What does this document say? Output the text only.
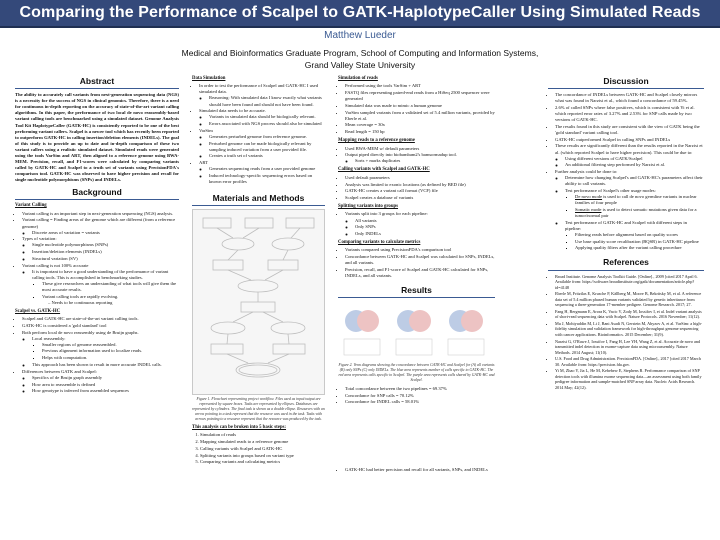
Comparing the Performance of Scalpel to GATK-HaplotypeCaller Using Simulated Reads
Matthew Lueder
Medical and Bioinformatics Graduate Program, School of Computing and Information Systems,
Grand Valley State University
Abstract

The ability to accurately call variants from next-generation sequencing data (NGS) is a necessity for the success of NGS in clinical genomics. Therefore, there is a need for continuous in-depth reporting on the accuracy of state-of-the-art variant calling algorithms. In this paper, the performance of two local de novo reassembly-based variant calling tools are benchmarked using a simulated dataset. Genome Analysis Tool Kit HaplotypeCaller (GATK-HC) is consistently reported to be one of the best performing variant callers. Scalpel is a newer tool which has recently been reported to outperform GATK-HC in calling insertion/deletion elements (INDELs). The goal of this study is to provide an up to date and in-depth comparison of these two variant callers using a realistic simulated dataset. Simulated reads were generated using the tools VarSim and ART, then aligned to a reference genome using BWA-MEM. Precision, recall, and F1-scores were calculated by comparing variants called by GATK-HC and Scalpel to a truth set of variants using PrecisionFDA's comparison tool. GATK-HC was observed to have higher precision and recall for single nucleotide polymorphisms (SNPs) and INDELs.

Background
Variant Calling
• Variant calling is an important step in next-generation sequencing (NGS) analysis.
• Variant calling = Finding areas of the genome which are different (from a reference genome)
◦ Discrete areas of variation = variants
• Types of variation:
◦ Single nucleotide polymorphisms (SNPs)
◦ Insertion/deletion elements (INDELs)
◦ Structural variation (SV)
• Variant calling is not 100% accurate
◦ It is important to have a good understanding of the performance of variant calling tools. This is accomplished in benchmarking studies.
▪ These give researchers an understanding of what tools will give them the most accurate results.
▪ Variant calling tools are rapidly evolving.
– Needs to be continuous reporting
Scalpel vs. GATK-HC
• Scalpel and GATK-HC are state-of-the-art variant calling tools.
• GATK-HC is considered a 'gold standard' tool
• Both perform local de novo reassembly using de Bruijn graphs.
◦ Local reassembly:
▪ Smaller regions of genome reassembled.
▪ Previous alignment information used to localize reads.
▪ Helps with computation.
◦ This approach has been shown to result in more accurate INDEL calls.
• Differences between GATK and Scalpel:
◦ Specifics of de Bruijn graph assembly
◦ How area to reassemble is defined
◦ How genotype is inferred from assembled sequences
Data Simulation
• In order to test the performance of Scalpel and GATK-HC I used simulated data.
◦ Reasoning: With simulated data I know exactly what variants should have been found and should not have been found.
• Simulated data needs to be accurate.
◦ Variants in simulated data should be biologically relevant.
◦ Errors associated with NGS process should also be simulated
• VarSim
◦ Generates perturbed genome from reference genome.
◦ Perturbed genome can be made biologically relevant by sampling induced variation from a user provided file.
◦ Creates a truth set of variants
• ART
◦ Generates sequencing reads from a user provided genome
◦ Induced technology-specific sequencing errors based on known error profiles
Materials and Methods
Figure 1. Flowchart representing project workflow. Files used as input/output are represented by square boxes. Tasks are represented by ellipses. Databases are represented by cylinders. The final task is shown as a double ellipse. Resources with an arrow pointing to a task represent that the resource was used in the task. Tasks with arrows pointing to a resource represent that the resource was produced by the task.
This analysis can be broken into 5 basic steps:
1. Simulation of reads
2. Mapping simulated reads to a reference genome
3. Calling variants with Scalpel and GATK-HC
4. Splitting variants into groups based on variant type
5. Comparing variants and calculating metrics
Simulation of reads
• Performed using the tools VarSim + ART
• FASTQ files representing paired-end reads from a HiSeq 2500 sequencer were generated
• Simulated data was made to mimic a human genome
• VarSim sampled variants from a validated set of 5.4 million variants, provided by Eberle et al.
• Mean coverage = 30x
• Read length = 150 bp
Mapping reads to a reference genome
• Used BWA-MEM w/ default parameters
• Output piped directly into biobambam2's bamsormadup tool.
◦ Sorts + marks duplicates
Calling variants with Scalpel and GATK-HC
• Used default parameters
• Analysis was limited to exonic locations (as defined by BED file)
• GATK-HC creates a variant call format (VCF) file
• Scalpel creates a database of variants
Splitting variants into groups
• Variants split into 3 groups for each pipeline:
◦ All variants
◦ Only SNPs
◦ Only INDELs
Comparing variants to calculate metrics
• Variants compared using PrecisionFDA's comparison tool
• Concordance between GATK-HC and Scalpel was calculated for SNPs, INDELs, and all variants.
• Precision, recall, and F1-score of Scalpel and GATK-HC calculated for SNPs, INDELs, and all variants.
Results
Figure 2. Venn diagrams showing the concordance between GATK-HC and Scalpel for (A) all variants (B) only SNPs (C) only INDELs. The blue area represents number of calls specific to GATK-HC. The red area represents calls specific to Scalpel. The purple area represents calls shared by GATK-HC and Scalpel.
• Total concordance between the two pipelines = 69.37%
• Concordance for SNP calls = 70.12%
• Concordance for INDEL calls = 58.01%
• GATK-HC had better precision and recall for all variants, SNPs, and INDELs
Discussion
• The concordance of INDELs between GATK-HC and Scalpel closely mirrors what was found in Narzisi et al., which found a concordance of 59.45%.
• 2.6% of called SNPs where false positives, which is consistent with Yi et al. which reported error rates of 3.27% and 2.53% for SNP calls made by two versions of GATK-HC.
• The results found in this study are consistent with the view of GATK being the 'gold standard' variant calling tool.
• GATK-HC outperformed Scalpel in calling SNPs and INDELs
• These results are significantly different than the results reported in the Narzisi et al. (which reported Scalpel to have higher precision). This could be due to:
◦ Using different versions of GATK/Scalpel
◦ An additional filtering step performed by Narzisi et al.
• Further analysis could be done to:
◦ Determine how changing Scalpel's and GATK-HC's parameters affect their ability to call variants.
◦ Test performance of Scalpel's other usage modes:
▪ De novo mode is used to call de novo germline variants in nuclear families of four people
▪ Somatic mode is used to detect somatic mutations given data for a tumor/normal pair
◦ Test performance of GATK-HC and Scalpel with different steps in pipeline:
▪ Filtering reads before alignment based on quality scores
▪ Use base quality score recalibration (BQSR) in GATK-HC pipeline
▪ Applying quality filters after the variant calling procedure
References
• Broad Institute. Genome Analysis Toolkit Guide. [Online]., 2009 [cited 2017 April 6. Available from: https://software.broadinstitute.org/gatk/documentation/article.php?id=4148
• Eberle M, Fritzilas E, Krusche P, Källberg M, Moore B, Bekritsky M, et al. A reference data set of 5.4 million phased human variants validated by genetic inheritance from sequencing a three-generation 17-member pedigree. Genome Research. 2017; 27.
• Fang H, Bergmann E, Arora K, Vacic V, Zody M, Iossifov I, et al. Indel variant analysis of short-read sequencing data with Scalpel. Nature Protocols. 2016 November; 11(12).
• Mu J, Mohiyuddin M, Li J, Bani Asadi N, Gerstein M, Abyzov A, et al. VarSim: a high-fidelity simulation and validation framework for high-throughput genome sequencing with cancer applications. Bioinformatics. 2015 December; 31(9).
• Narzisi G, O'Rawe J, Iossifov I, Fang H, Lee YH, Wang Z, et al. Accurate de novo and transmitted indel detection in exome-capture data using microassembly. Nature Methods. 2014 August; 11(10).
• U.S. Food and Drug Administration. PrecisionFDA. [Online]., 2017 [cited 2017 March 30. Available from: https://precision.fda.gov.
• Yi M, Zhao Y, Jia L, He M, Kebebew E, Stephens R. Performance comparison of SNP detection tools with illumina exome sequencing data—an assessment using both family pedigree information and sample-matched SNP array data. Nucleic Acids Research. 2014 May; 42(12).
